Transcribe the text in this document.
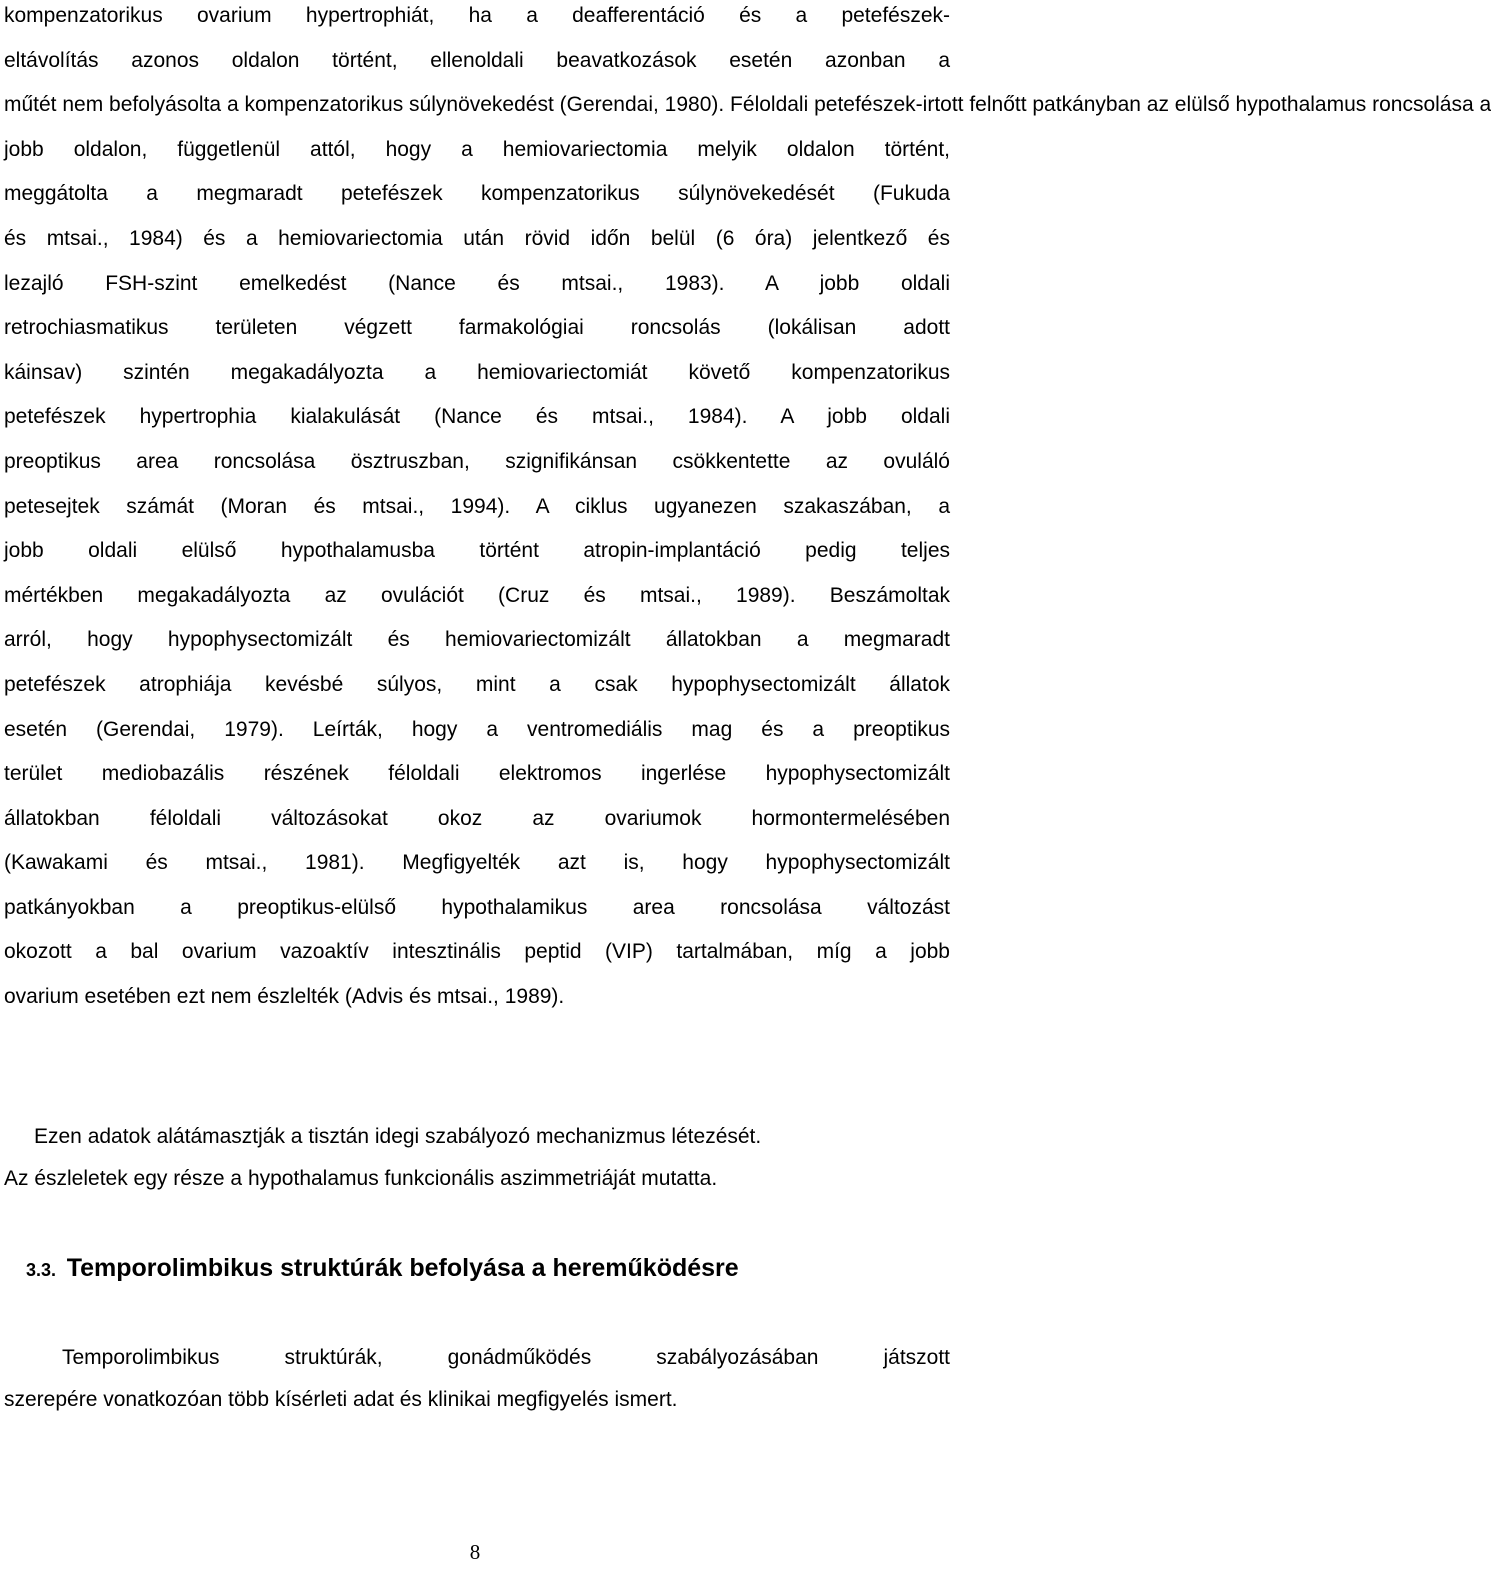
kompenzatorikus ovarium hypertrophiát, ha a deafferentáció és a petefészek-
eltávolítás azonos oldalon történt, ellenoldali beavatkozások esetén azonban a
műtét nem befolyásolta a kompenzatorikus súlynövekedést (Gerendai, 1980). Féloldali petefészek-irtott felnőtt patkányban az elülső hypothalamus roncsolása a
jobb oldalon, függetlenül attól, hogy a hemiovariectomia melyik oldalon történt,
meggátolta a megmaradt petefészek kompenzatorikus súlynövekedését (Fukuda
és mtsai., 1984) és a hemiovariectomia után rövid időn belül (6 óra) jelentkező és
lezajló FSH-szint emelkedést (Nance és mtsai., 1983). A jobb oldali
retrochiasmatikus területen végzett farmakológiai roncsolás (lokálisan adott
káinsav) szintén megakadályozta a hemiovariectomiát követő kompenzatorikus
petefészek hypertrophia kialakulását (Nance és mtsai., 1984). A jobb oldali
preoptikus area roncsolása ösztruszban, szignifikánsan csökkentette az ovuláló
petesejtek számát (Moran és mtsai., 1994). A ciklus ugyanezen szakaszában, a
jobb oldali elülső hypothalamusba történt atropin-implantáció pedig teljes
mértékben megakadályozta az ovulációt (Cruz és mtsai., 1989). Beszámoltak
arról, hogy hypophysectomizált és hemiovariectomizált állatokban a megmaradt
petefészek atrophiája kevésbé súlyos, mint a csak hypophysectomizált állatok
esetén (Gerendai, 1979). Leírták, hogy a ventromediális mag és a preoptikus
terület mediobazális részének féloldali elektromos ingerlése hypophysectomizált
állatokban féloldali változásokat okoz az ovariumok hormontermelésében
(Kawakami és mtsai., 1981). Megfigyelték azt is, hogy hypophysectomizált
patkányokban a preoptikus-elülső hypothalamikus area roncsolása változást
okozott a bal ovarium vazoaktív intesztinális peptid (VIP) tartalmában, míg a jobb
ovarium esetében ezt nem észlelték (Advis és mtsai., 1989).

Ezen adatok alátámasztják a tisztán idegi szabályozó mechanizmus létezését.
Az észleletek egy része a hypothalamus funkcionális aszimmetriáját mutatta.

3.3. Temporolimbikus struktúrák befolyása a hereműködésre

Temporolimbikus struktúrák, gonádműködés szabályozásában játszott
szerepére vonatkozóan több kísérleti adat és klinikai megfigyelés ismert.

8
